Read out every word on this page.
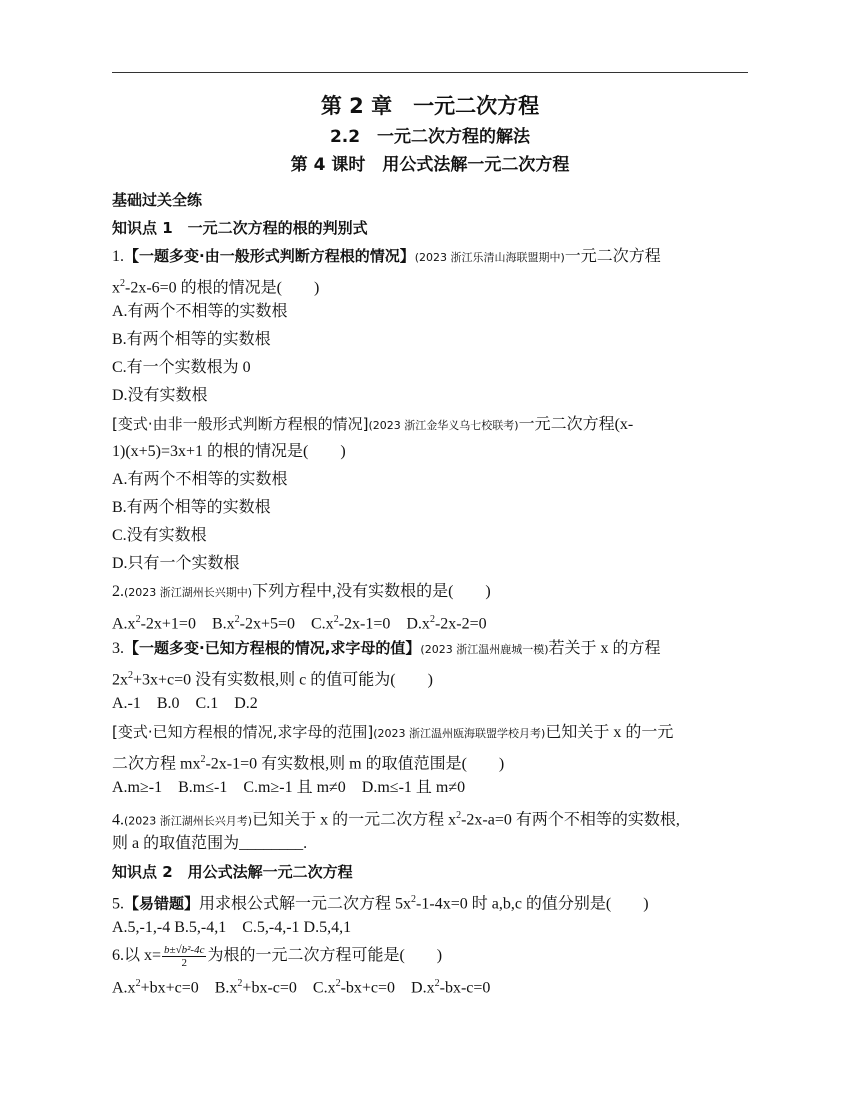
第 2 章　一元二次方程
2.2　一元二次方程的解法
第 4 课时　用公式法解一元二次方程
基础过关全练
知识点 1　一元二次方程的根的判别式
1.【一题多变·由一般形式判断方程根的情况】(2023 浙江乐清山海联盟期中)一元二次方程
$x^2-2x-6=0$ 的根的情况是(　　)
A.有两个不相等的实数根
B.有两个相等的实数根
C.有一个实数根为 0
D.没有实数根
[变式·由非一般形式判断方程根的情况](2023 浙江金华义乌七校联考)一元二次方程(x-
1)(x+5)=3x+1 的根的情况是(　　)
A.有两个不相等的实数根
B.有两个相等的实数根
C.没有实数根
D.只有一个实数根
2.(2023 浙江湖州长兴期中)下列方程中,没有实数根的是(　　)
$A.x^2-2x+1=0$　$B.x^2-2x+5=0$　$C.x^2-2x-1=0$　$D.x^2-2x-2=0$
3.【一题多变·已知方程根的情况,求字母的值】(2023 浙江温州鹿城一模)若关于 x 的方程
$2x^2+3x+c=0$ 没有实数根,则 c 的值可能为(　　)
A.-1　B.0　C.1　D.2
[变式·已知方程根的情况,求字母的范围](2023 浙江温州瓯海联盟学校月考)已知关于 x 的一元
二次方程 $mx^2-2x-1=0$ 有实数根,则 m 的取值范围是(　　)
A.m≥-1　B.m≤-1　C.m≥-1 且 m≠0　D.m≤-1 且 m≠0
4.(2023 浙江湖州长兴月考)已知关于 x 的一元二次方程 $x^2-2x-a=0$ 有两个不相等的实数根,
则 a 的取值范围为________.
知识点 2　用公式法解一元二次方程
5.【易错题】用求根公式解一元二次方程 $5x^2-1-4x=0$ 时 a,b,c 的值分别是(　　)
A.5,-1,-4 B.5,-4,1　C.5,-4,-1 D.5,4,1
6.以 $x= \frac{\text{b±√b²-4c}}{2}$ 为根的一元二次方程可能是(　　)
$A.x^2+bx+c=0$　$B.x^2+bx-c=0$　$C.x^2-bx+c=0$　$D.x^2-bx-c=0$
